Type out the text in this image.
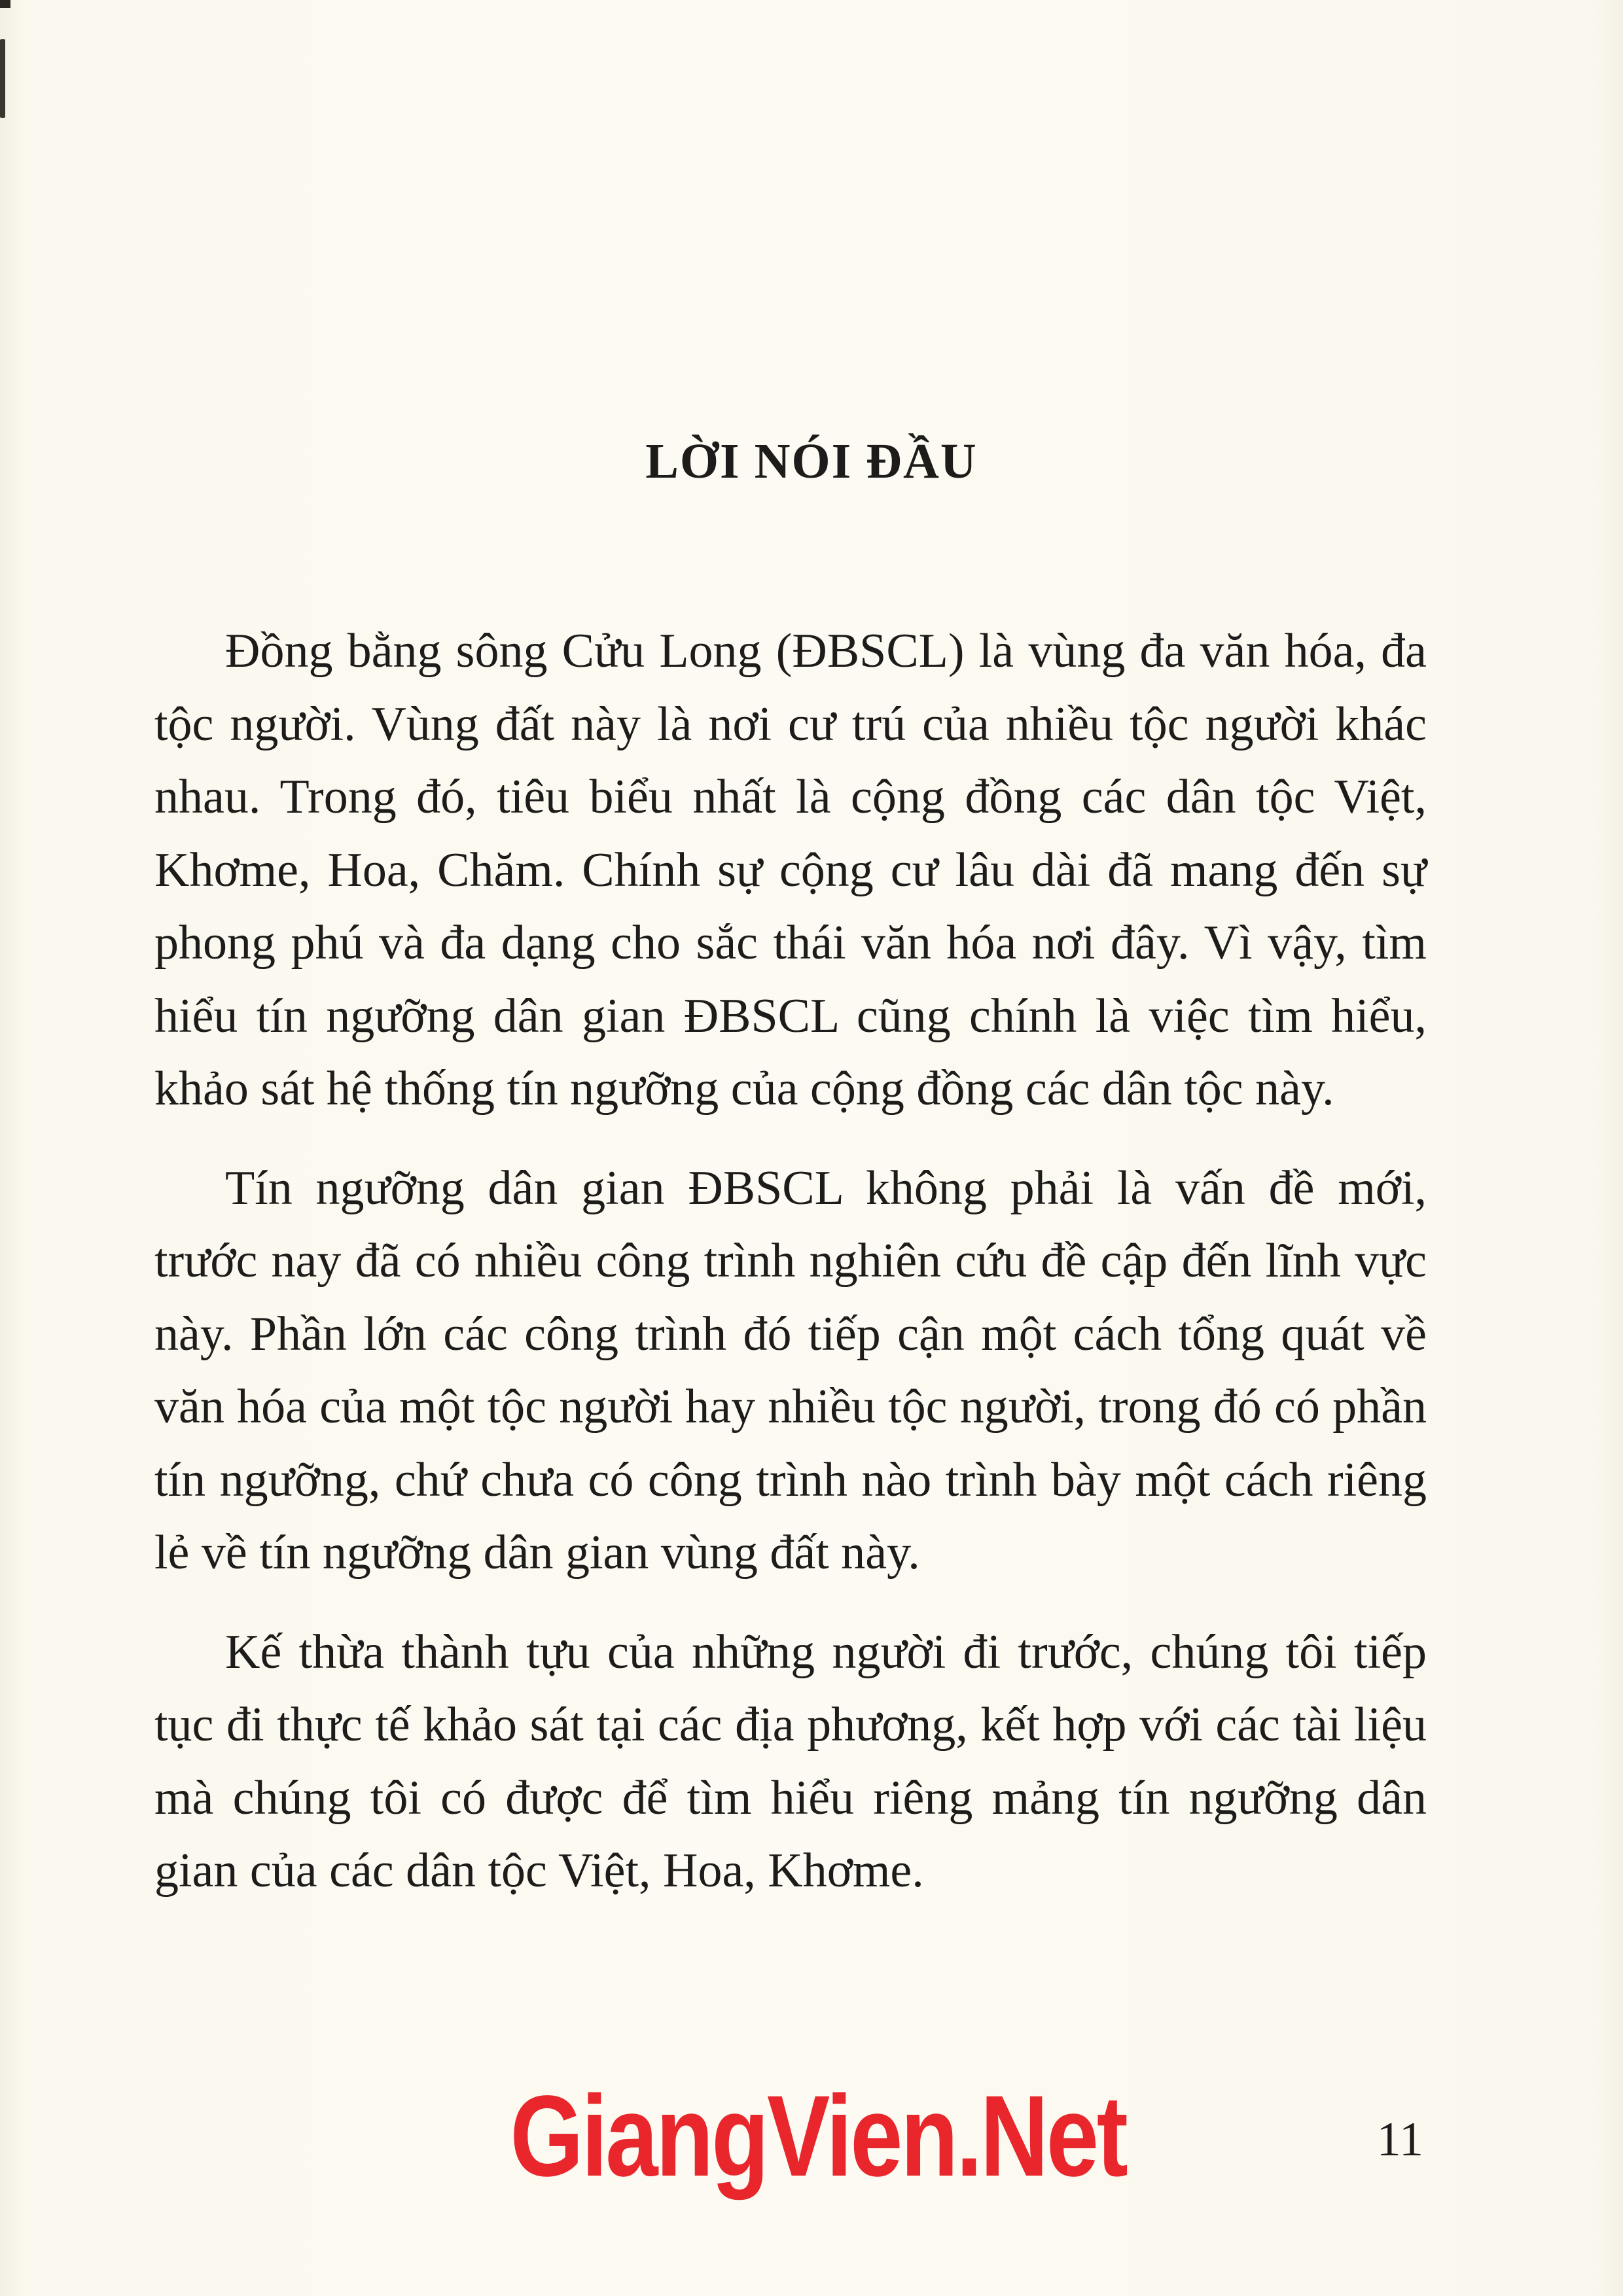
LỜI NÓI ĐẦU

Đồng bằng sông Cửu Long (ĐBSCL) là vùng đa văn hóa, đa tộc người. Vùng đất này là nơi cư trú của nhiều tộc người khác nhau. Trong đó, tiêu biểu nhất là cộng đồng các dân tộc Việt, Khơme, Hoa, Chăm. Chính sự cộng cư lâu dài đã mang đến sự phong phú và đa dạng cho sắc thái văn hóa nơi đây. Vì vậy, tìm hiểu tín ngưỡng dân gian ĐBSCL cũng chính là việc tìm hiểu, khảo sát hệ thống tín ngưỡng của cộng đồng các dân tộc này.

Tín ngưỡng dân gian ĐBSCL không phải là vấn đề mới, trước nay đã có nhiều công trình nghiên cứu đề cập đến lĩnh vực này. Phần lớn các công trình đó tiếp cận một cách tổng quát về văn hóa của một tộc người hay nhiều tộc người, trong đó có phần tín ngưỡng, chứ chưa có công trình nào trình bày một cách riêng lẻ về tín ngưỡng dân gian vùng đất này.

Kế thừa thành tựu của những người đi trước, chúng tôi tiếp tục đi thực tế khảo sát tại các địa phương, kết hợp với các tài liệu mà chúng tôi có được để tìm hiểu riêng mảng tín ngưỡng dân gian của các dân tộc Việt, Hoa, Khơme.

GiangVien.Net	11
